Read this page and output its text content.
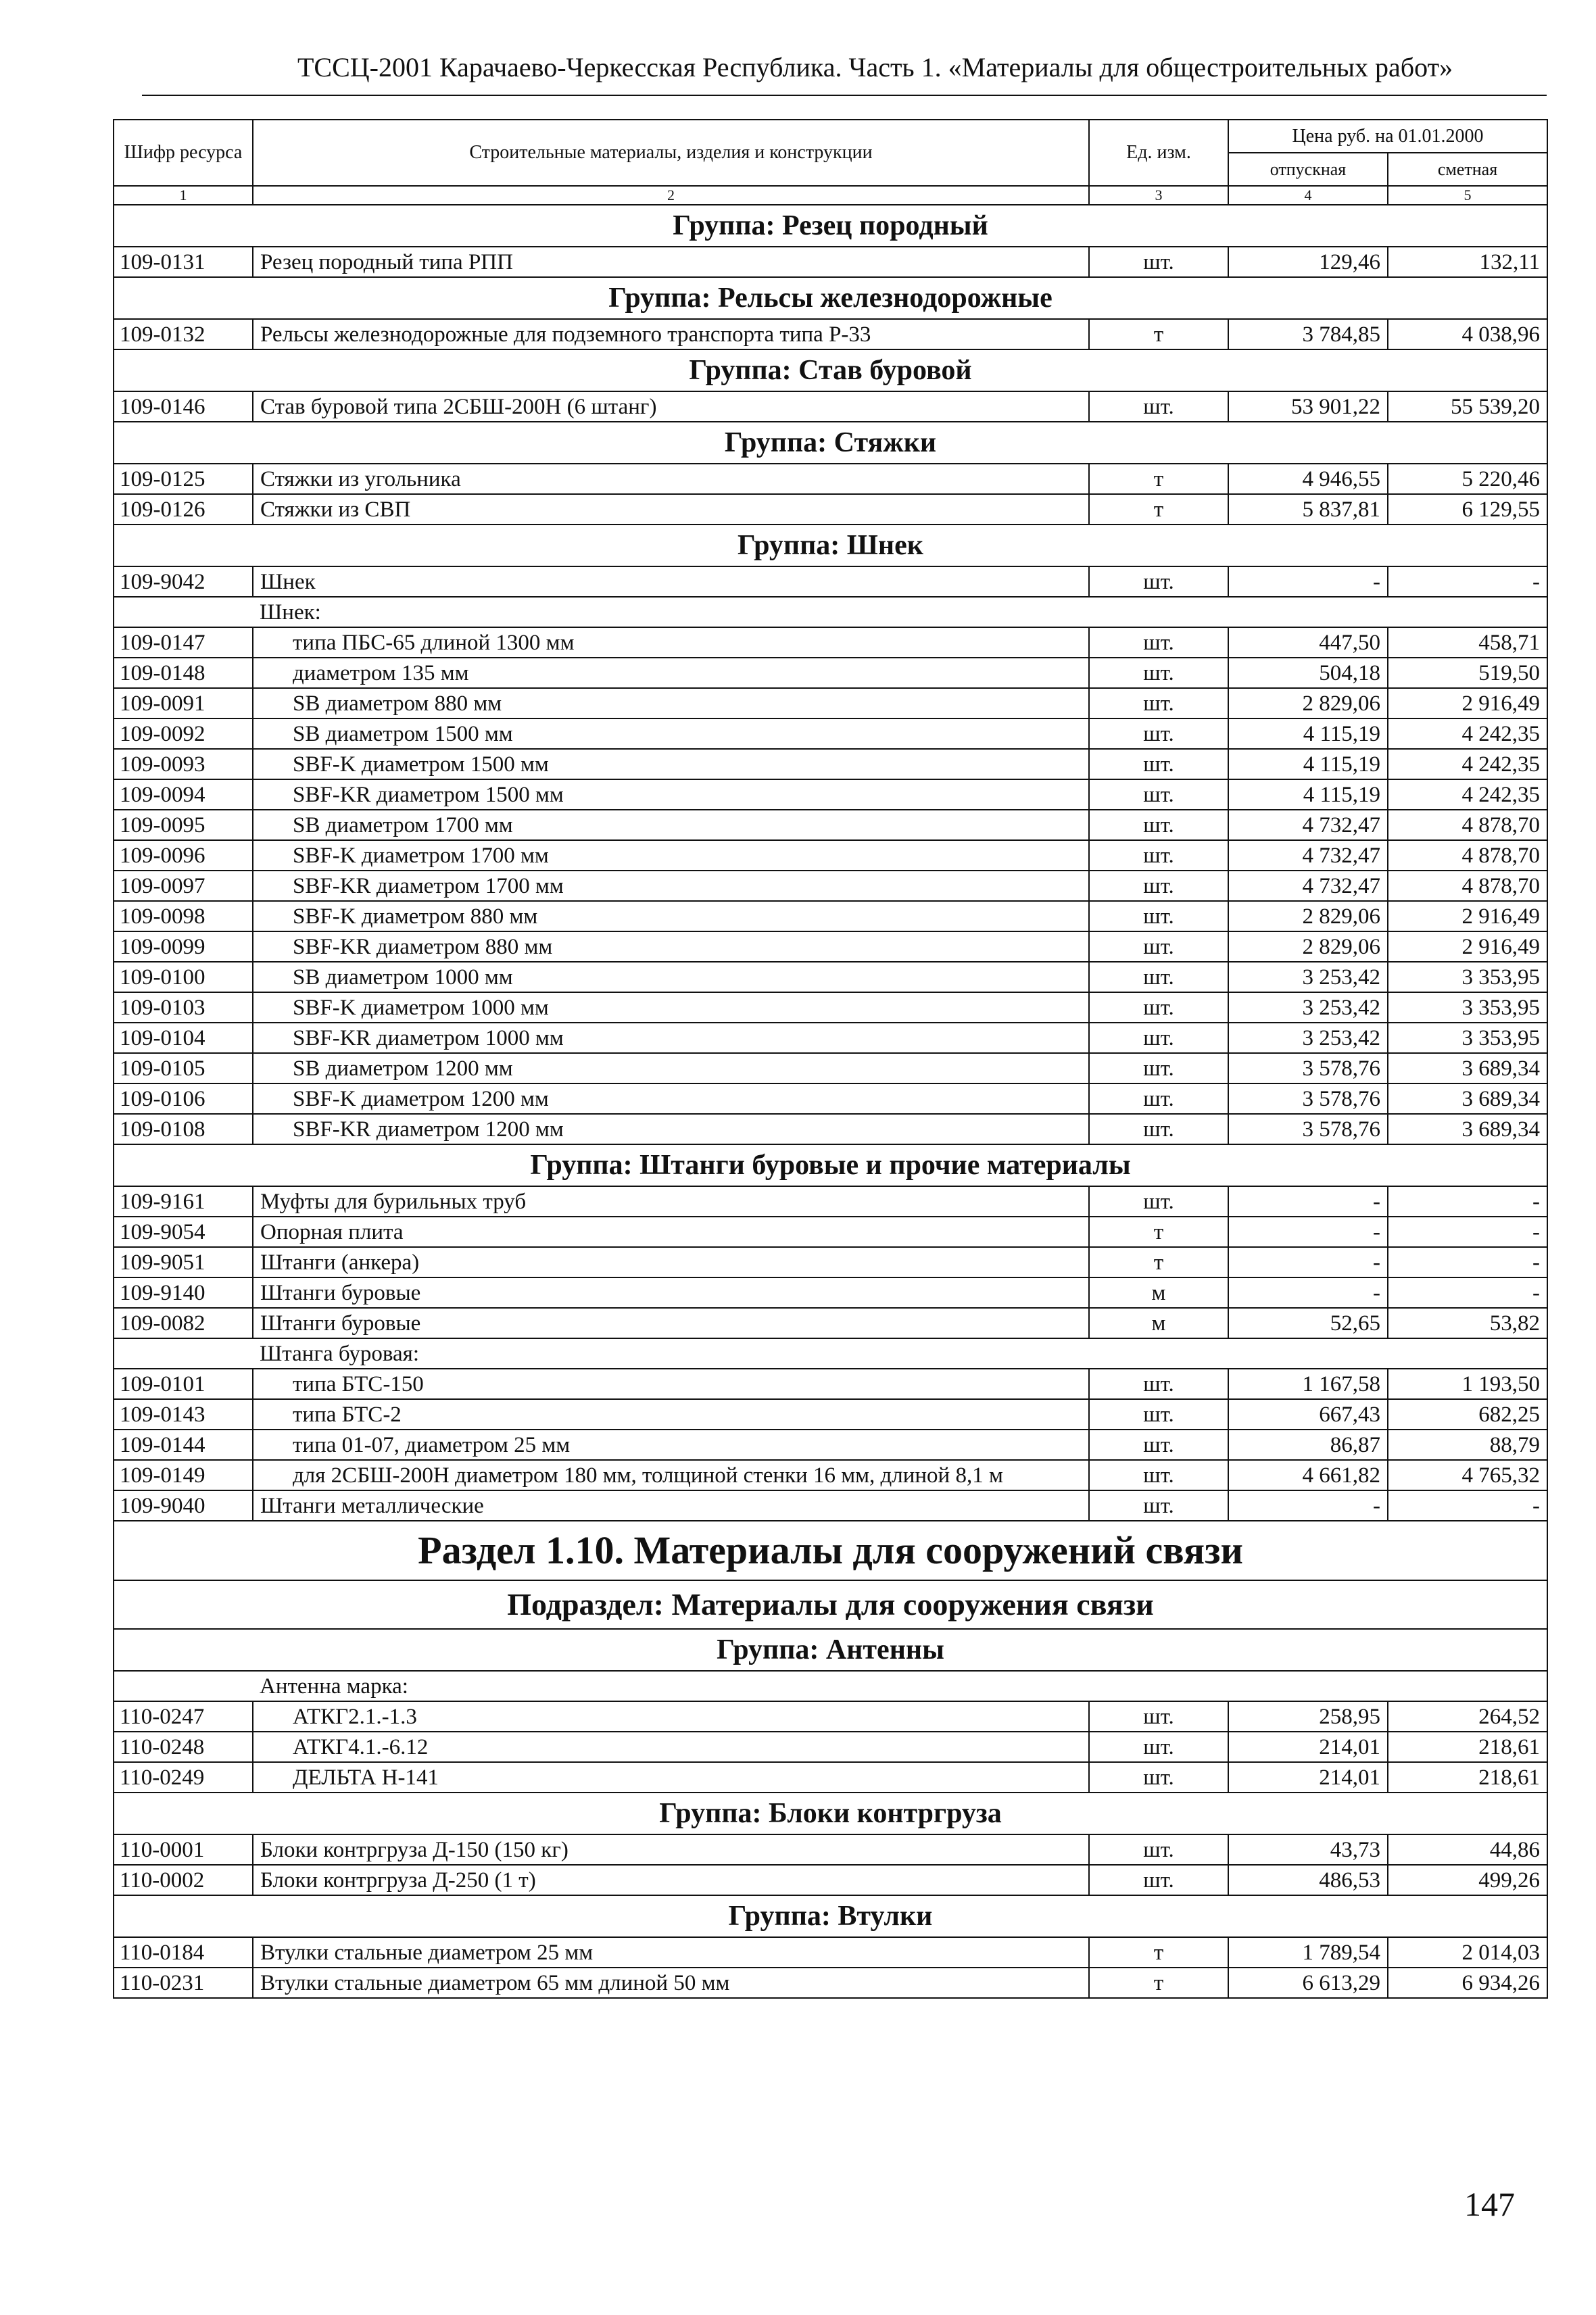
ТССЦ-2001 Карачаево-Черкесская Республика. Часть 1. «Материалы для общестроительных работ»
Шифр ресурса	Строительные материалы, изделия и конструкции	Ед. изм.	Цена руб. на 01.01.2000	
			отпускная	сметная
1	2	3	4	5
Группа: Резец породный				
109-0131	Резец породный типа РПП	шт.	129,46	132,11
Группа: Рельсы железнодорожные				
109-0132	Рельсы железнодорожные для подземного транспорта типа Р-33	т	3 784,85	4 038,96
Группа: Став буровой				
109-0146	Став буровой типа 2СБШ-200Н (6 штанг)	шт.	53 901,22	55 539,20
Группа: Стяжки				
109-0125	Стяжки из угольника	т	4 946,55	5 220,46
109-0126	Стяжки из СВП	т	5 837,81	6 129,55
Группа: Шнек				
109-9042	Шнек	шт.	-	-
	Шнек:			
109-0147	типа ПБС-65 длиной 1300 мм	шт.	447,50	458,71
109-0148	диаметром 135 мм	шт.	504,18	519,50
109-0091	SB диаметром 880 мм	шт.	2 829,06	2 916,49
109-0092	SB диаметром 1500 мм	шт.	4 115,19	4 242,35
109-0093	SBF-K диаметром 1500 мм	шт.	4 115,19	4 242,35
109-0094	SBF-KR диаметром 1500 мм	шт.	4 115,19	4 242,35
109-0095	SB диаметром 1700 мм	шт.	4 732,47	4 878,70
109-0096	SBF-K диаметром 1700 мм	шт.	4 732,47	4 878,70
109-0097	SBF-KR диаметром 1700 мм	шт.	4 732,47	4 878,70
109-0098	SBF-K диаметром 880 мм	шт.	2 829,06	2 916,49
109-0099	SBF-KR диаметром 880 мм	шт.	2 829,06	2 916,49
109-0100	SB диаметром 1000 мм	шт.	3 253,42	3 353,95
109-0103	SBF-K диаметром 1000 мм	шт.	3 253,42	3 353,95
109-0104	SBF-KR диаметром 1000 мм	шт.	3 253,42	3 353,95
109-0105	SB диаметром 1200 мм	шт.	3 578,76	3 689,34
109-0106	SBF-K диаметром 1200 мм	шт.	3 578,76	3 689,34
109-0108	SBF-KR диаметром 1200 мм	шт.	3 578,76	3 689,34
Группа: Штанги буровые и прочие материалы				
109-9161	Муфты для бурильных труб	шт.	-	-
109-9054	Опорная плита	т	-	-
109-9051	Штанги (анкера)	т	-	-
109-9140	Штанги буровые	м	-	-
109-0082	Штанги буровые	м	52,65	53,82
	Штанга буровая:			
109-0101	типа БТС-150	шт.	1 167,58	1 193,50
109-0143	типа БТС-2	шт.	667,43	682,25
109-0144	типа 01-07, диаметром 25 мм	шт.	86,87	88,79
109-0149	для 2СБШ-200Н диаметром 180 мм, толщиной стенки 16 мм, длиной 8,1 м	шт.	4 661,82	4 765,32
109-9040	Штанги металлические	шт.	-	-
Раздел 1.10. Материалы для сооружений связи				
Подраздел: Материалы для сооружения связи				
Группа: Антенны				
	Антенна марка:			
110-0247	АТКГ2.1.-1.3	шт.	258,95	264,52
110-0248	АТКГ4.1.-6.12	шт.	214,01	218,61
110-0249	ДЕЛЬТА Н-141	шт.	214,01	218,61
Группа: Блоки контргруза				
110-0001	Блоки контргруза Д-150 (150 кг)	шт.	43,73	44,86
110-0002	Блоки контргруза Д-250 (1 т)	шт.	486,53	499,26
Группа: Втулки				
110-0184	Втулки стальные диаметром 25 мм	т	1 789,54	2 014,03
110-0231	Втулки стальные диаметром 65 мм длиной 50 мм	т	6 613,29	6 934,26
147
